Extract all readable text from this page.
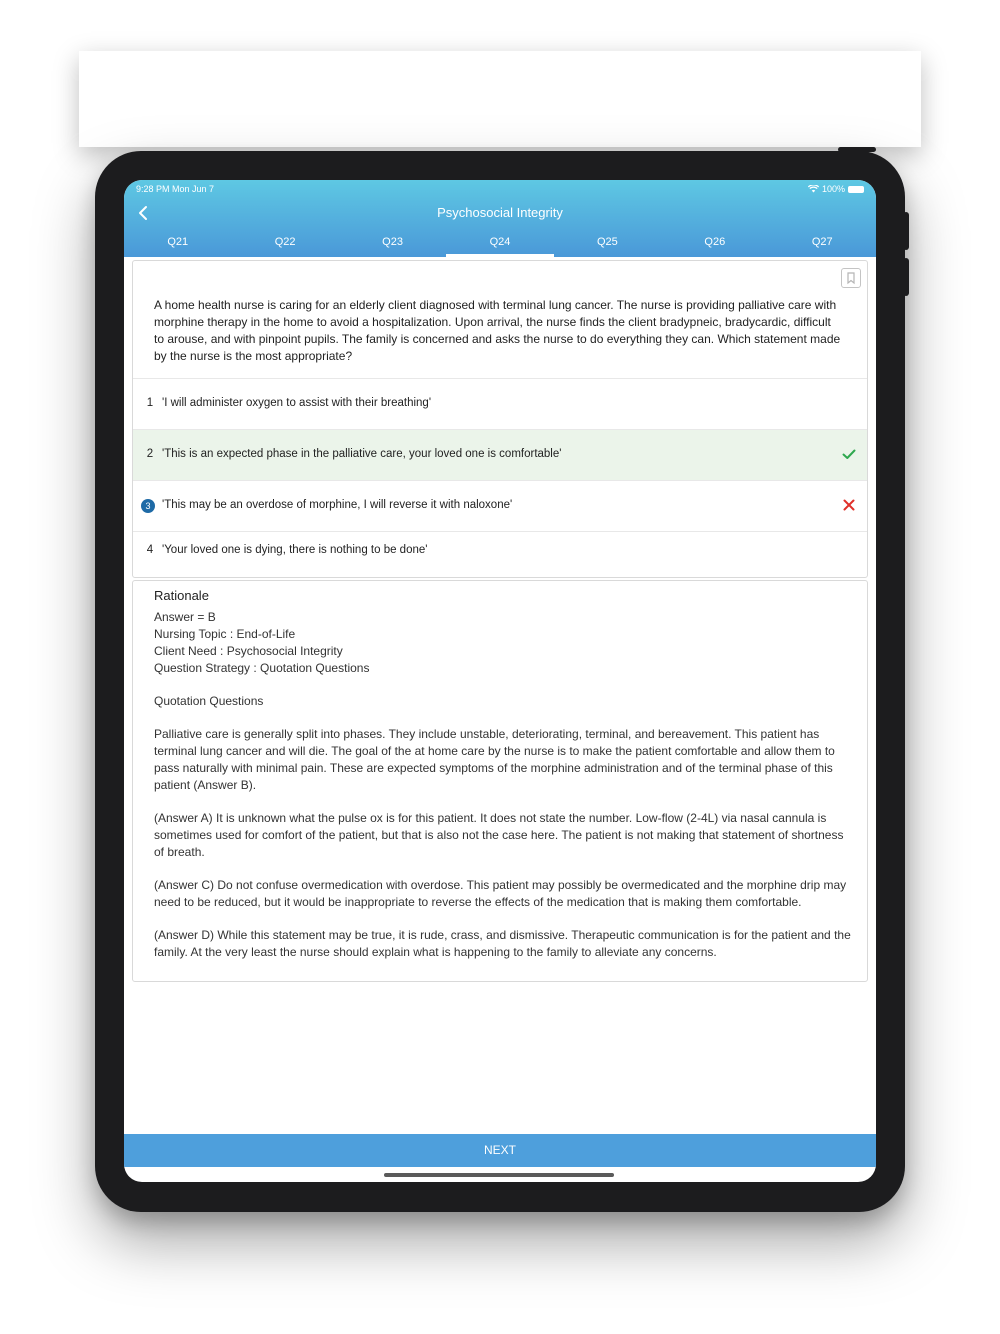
9:28 PM Mon Jun 7	100%
Psychosocial Integrity
Q21	Q22	Q23	Q24	Q25	Q26	Q27
A home health nurse is caring for an elderly client diagnosed with terminal lung cancer. The nurse is providing palliative care with morphine therapy in the home to avoid a hospitalization. Upon arrival, the nurse finds the client bradypneic, bradycardic, difficult to arouse, and with pinpoint pupils. The family is concerned and asks the nurse to do everything they can. Which statement made by the nurse is the most appropriate?
1 'I will administer oxygen to assist with their breathing'
2 'This is an expected phase in the palliative care, your loved one is comfortable'
3	'This may be an overdose of morphine, I will reverse it with naloxone'
4 'Your loved one is dying, there is nothing to be done'
Rationale

Answer = B

Nursing Topic : End-of-Life

Client Need : Psychosocial Integrity

Question Strategy : Quotation Questions

Quotation Questions

Palliative care is generally split into phases. They include unstable, deteriorating, terminal, and bereavement. This patient has terminal lung cancer and will die. The goal of the at home care by the nurse is to make the patient comfortable and allow them to pass naturally with minimal pain. These are expected symptoms of the morphine administration and of the terminal phase of this patient (Answer B).

(Answer A) It is unknown what the pulse ox is for this patient. It does not state the number. Low-flow (2-4L) via nasal cannula is sometimes used for comfort of the patient, but that is also not the case here. The patient is not making that statement of shortness of breath.

(Answer C) Do not confuse overmedication with overdose. This patient may possibly be overmedicated and the morphine drip may need to be reduced, but it would be inappropriate to reverse the effects of the medication that is making them comfortable.

(Answer D) While this statement may be true, it is rude, crass, and dismissive. Therapeutic communication is for the patient and the family. At the very least the nurse should explain what is happening to the family to alleviate any concerns.

NEXT
